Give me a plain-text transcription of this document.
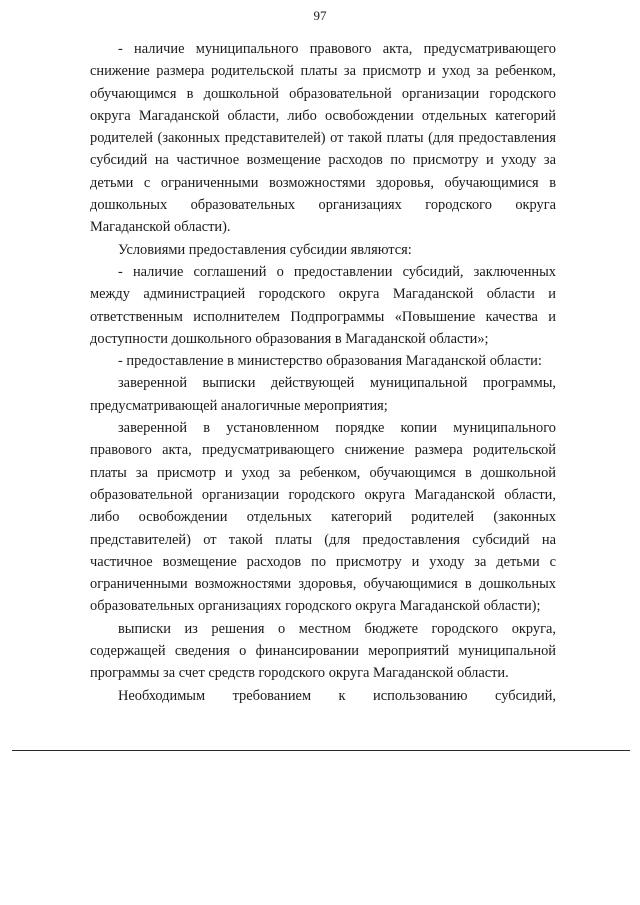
97

- наличие муниципального правового акта, предусматривающего снижение размера родительской платы за присмотр и уход за ребенком, обучающимся в дошкольной образовательной организации городского округа Магаданской области, либо освобождении отдельных категорий родителей (законных представителей) от такой платы (для предоставления субсидий на частичное возмещение расходов по присмотру и уходу за детьми с ограниченными возможностями здоровья, обучающимися в дошкольных образовательных организациях городского округа Магаданской области).

Условиями предоставления субсидии являются:

- наличие соглашений о предоставлении субсидий, заключенных между администрацией городского округа Магаданской области и ответственным исполнителем Подпрограммы «Повышение качества и доступности дошкольного образования в Магаданской области»;

- предоставление в министерство образования Магаданской области:

заверенной выписки действующей муниципальной программы, предусматривающей аналогичные мероприятия;

заверенной в установленном порядке копии муниципального правового акта, предусматривающего снижение размера родительской платы за присмотр и уход за ребенком, обучающимся в дошкольной образовательной организации городского округа Магаданской области, либо освобождении отдельных категорий родителей (законных представителей) от такой платы (для предоставления субсидий на частичное возмещение расходов по присмотру и уходу за детьми с ограниченными возможностями здоровья, обучающимися в дошкольных образовательных организациях городского округа Магаданской области);

выписки из решения о местном бюджете городского округа, содержащей сведения о финансировании мероприятий муниципальной программы за счет средств городского округа Магаданской области.

Необходимым требованием к использованию субсидий,
